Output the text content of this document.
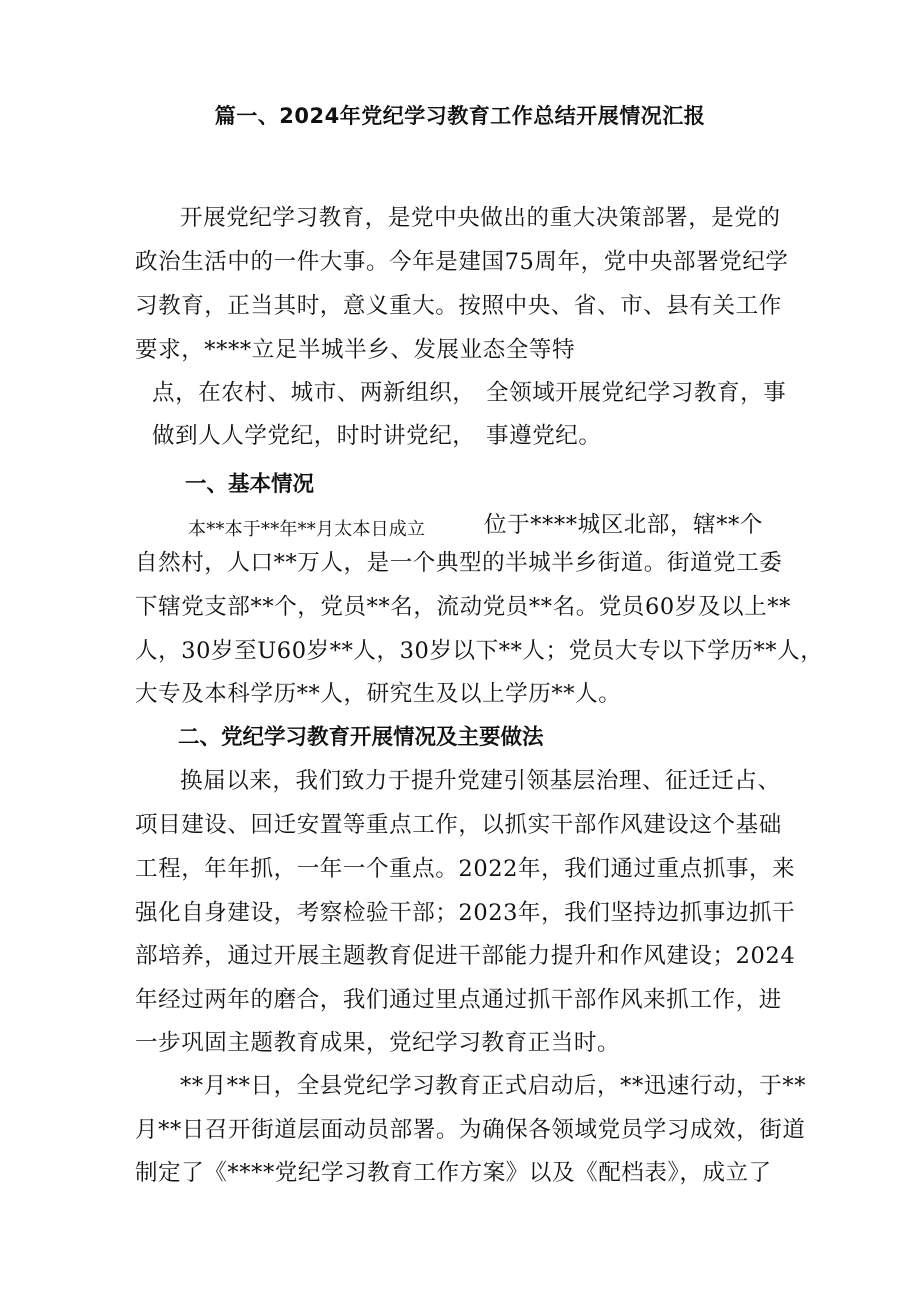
篇一、2024年党纪学习教育工作总结开展情况汇报
开展党纪学习教育，是党中央做出的重大决策部署，是党的
政治生活中的一件大事。今年是建国75周年，党中央部署党纪学
习教育，正当其时，意义重大。按照中央、省、市、县有关工作
要求，****立足半城半乡、发展业态全等特
点，在农村、城市、两新组织， 全领域开展党纪学习教育，事
做到人人学党纪，时时讲党纪， 事遵党纪。
一、基本情况
本**本于**年**月太本日成立	位于****城区北部，辖**个
自然村，人口**万人，是一个典型的半城半乡街道。街道党工委
下辖党支部**个，党员**名，流动党员**名。党员60岁及以上**
人，30岁至U60岁**人，30岁以下**人；党员大专以下学历**人，
大专及本科学历**人，研究生及以上学历**人。
二、党纪学习教育开展情况及主要做法
换届以来，我们致力于提升党建引领基层治理、征迁迁占、
项目建设、回迁安置等重点工作，以抓实干部作风建设这个基础
工程，年年抓，一年一个重点。2022年，我们通过重点抓事，来
强化自身建设，考察检验干部；2023年，我们坚持边抓事边抓干
部培养，通过开展主题教育促进干部能力提升和作风建设；2024
年经过两年的磨合，我们通过里点通过抓干部作风来抓工作，进
一步巩固主题教育成果，党纪学习教育正当时。
**月**日，全县党纪学习教育正式启动后，**迅速行动，于**
月**日召开街道层面动员部署。为确保各领域党员学习成效，街道
制定了《****党纪学习教育工作方案》以及《配档表》，成立了
